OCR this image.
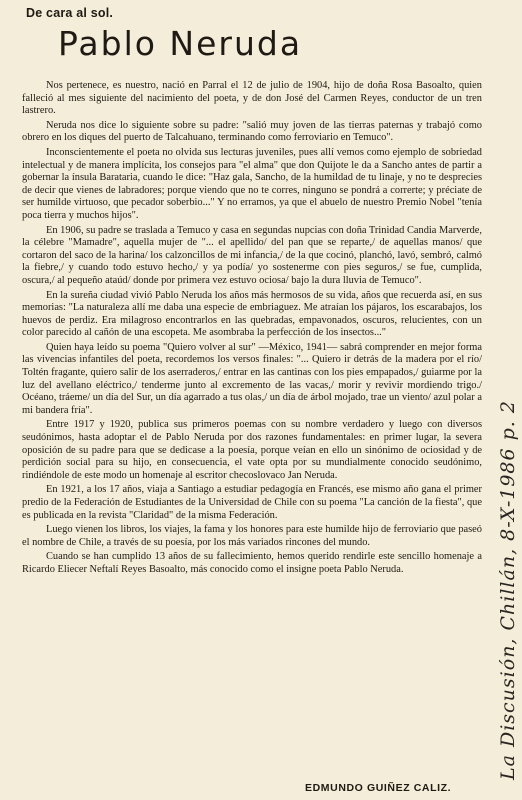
De cara al sol.
Pablo Neruda

Nos pertenece, es nuestro, nació en Parral el 12 de julio de 1904, hijo de doña Rosa Basoalto, quien falleció al mes siguiente del nacimiento del poeta, y de don José del Carmen Reyes, conductor de un tren lastrero.

Neruda nos dice lo siguiente sobre su padre: "salió muy joven de las tierras paternas y trabajó como obrero en los diques del puerto de Talcahuano, terminando como ferroviario en Temuco".

Inconscientemente el poeta no olvida sus lecturas juveniles, pues allí vemos como ejemplo de sobriedad intelectual y de manera implícita, los consejos para "el alma" que don Quijote le da a Sancho antes de partir a gobernar la ínsula Barataria, cuando le dice: "Haz gala, Sancho, de la humildad de tu linaje, y no te desprecies de decir que vienes de labradores; porque viendo que no te corres, ninguno se pondrá a correrte; y préciate de ser humilde virtuoso, que pecador soberbio..." Y no erramos, ya que el abuelo de nuestro Premio Nobel "tenía poca tierra y muchos hijos".

En 1906, su padre se traslada a Temuco y casa en segundas nupcias con doña Trinidad Candia Marverde, la célebre "Mamadre", aquella mujer de "... el apellido/ del pan que se reparte,/ de aquellas manos/ que cortaron del saco de la harina/ los calzoncillos de mi infancia,/ de la que cocinó, planchó, lavó, sembró, calmó la fiebre,/ y cuando todo estuvo hecho,/ y ya podía/ yo sostenerme con pies seguros,/ se fue, cumplida, oscura,/ al pequeño ataúd/ donde por primera vez estuvo ociosa/ bajo la dura lluvia de Temuco".

En la sureña ciudad vivió Pablo Neruda los años más hermosos de su vida, años que recuerda así, en sus memorias: "La naturaleza allí me daba una especie de embriaguez. Me atraían los pájaros, los escarabajos, los huevos de perdiz. Era milagroso encontrarlos en las quebradas, empavonados, oscuros, relucientes, con un color parecido al cañón de una escopeta. Me asombraba la perfección de los insectos..."

Quien haya leído su poema "Quiero volver al sur" —México, 1941— sabrá comprender en mejor forma las vivencias infantiles del poeta, recordemos los versos finales: "... Quiero ir detrás de la madera por el río/ Toltén fragante, quiero salir de los aserraderos,/ entrar en las cantinas con los pies empapados,/ guiarme por la luz del avellano eléctrico,/ tenderme junto al excremento de las vacas,/ morir y revivir mordiendo trigo./ Océano, tráeme/ un día del Sur, un día agarrado a tus olas,/ un día de árbol mojado, trae un viento/ azul polar a mi bandera fría".

Entre 1917 y 1920, publica sus primeros poemas con su nombre verdadero y luego con diversos seudónimos, hasta adoptar el de Pablo Neruda por dos razones fundamentales: en primer lugar, la severa oposición de su padre para que se dedicase a la poesía, porque veían en ello un sinónimo de ociosidad y de perdición social para su hijo, en consecuencia, el vate opta por su mundialmente conocido seudónimo, rindiéndole de este modo un homenaje al escritor checoslovaco Jan Neruda.

En 1921, a los 17 años, viaja a Santiago a estudiar pedagogía en Francés, ese mismo año gana el primer predio de la Federación de Estudiantes de la Universidad de Chile con su poema "La canción de la fiesta", que es publicada en la revista "Claridad" de la misma Federación.

Luego vienen los libros, los viajes, la fama y los honores para este humilde hijo de ferroviario que paseó el nombre de Chile, a través de su poesía, por los más variados rincones del mundo.

Cuando se han cumplido 13 años de su fallecimiento, hemos querido rendirle este sencillo homenaje a Ricardo Eliecer Neftalí Reyes Basoalto, más conocido como el insigne poeta Pablo Neruda.

EDMUNDO GUIÑEZ CALIZ.
La Discusión, Chillán, 8-X-1986 p. 2
